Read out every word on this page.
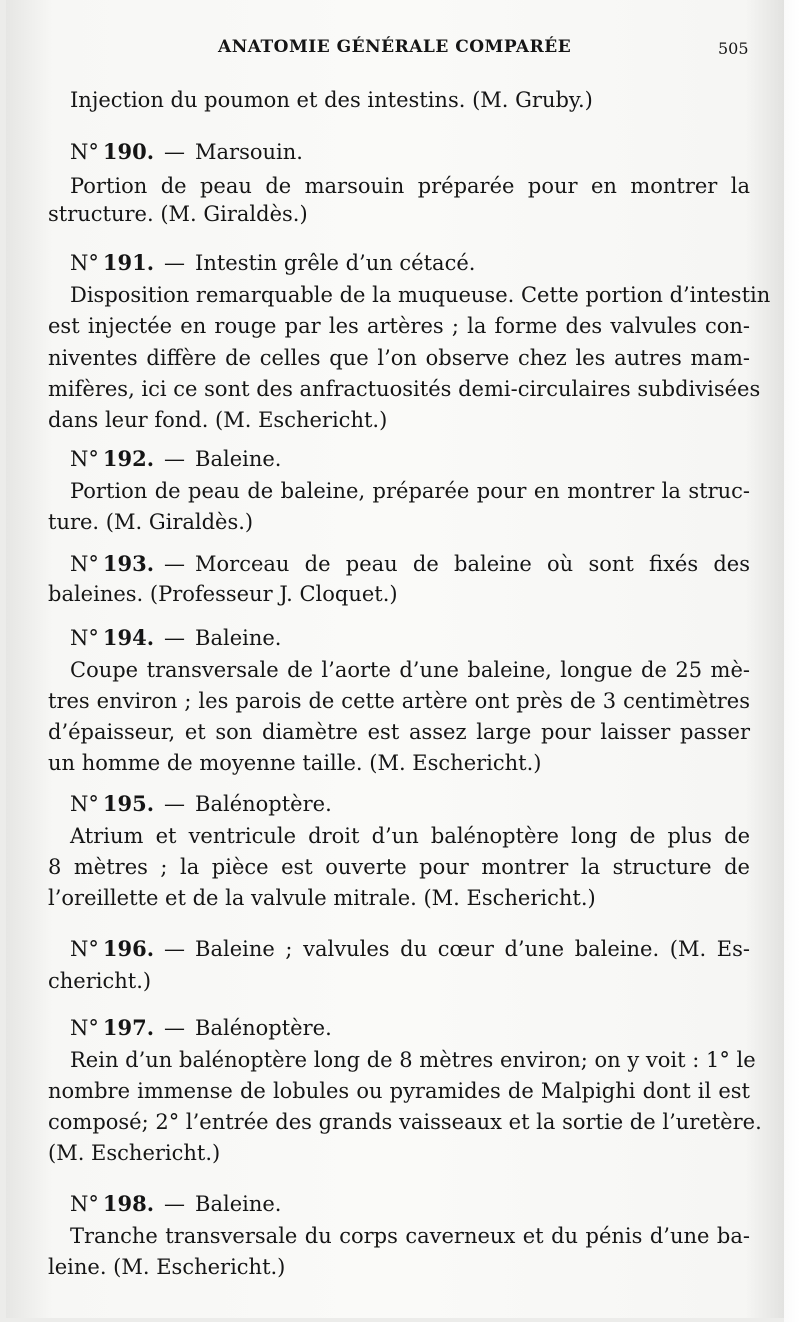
ANATOMIE GÉNÉRALE COMPARÉE	505
Injection du poumon et des intestins. (M. Gruby.)
N° 190. — Marsouin.
Portion de peau de marsouin préparée pour en montrer la
structure. (M. Giraldès.)
N° 191. — Intestin grêle d’un cétacé.
Disposition remarquable de la muqueuse. Cette portion d’intestin
est injectée en rouge par les artères ; la forme des valvules con-
niventes diffère de celles que l’on observe chez les autres mam-
mifères, ici ce sont des anfractuosités demi-circulaires subdivisées
dans leur fond. (M. Eschericht.)
N° 192. — Baleine.
Portion de peau de baleine, préparée pour en montrer la struc-
ture. (M. Giraldès.)
N° 193. — Morceau de peau de baleine où sont fixés des
baleines. (Professeur J. Cloquet.)
N° 194. — Baleine.
Coupe transversale de l’aorte d’une baleine, longue de 25 mè-
tres environ ; les parois de cette artère ont près de 3 centimètres
d’épaisseur, et son diamètre est assez large pour laisser passer
un homme de moyenne taille. (M. Eschericht.)
N° 195. — Balénoptère.
Atrium et ventricule droit d’un balénoptère long de plus de
8 mètres ; la pièce est ouverte pour montrer la structure de
l’oreillette et de la valvule mitrale. (M. Eschericht.)
N° 196. — Baleine ; valvules du cœur d’une baleine. (M. Es-
chericht.)
N° 197. — Balénoptère.
Rein d’un balénoptère long de 8 mètres environ; on y voit : 1° le
nombre immense de lobules ou pyramides de Malpighi dont il est
composé; 2° l’entrée des grands vaisseaux et la sortie de l’uretère.
(M. Eschericht.)
N° 198. — Baleine.
Tranche transversale du corps caverneux et du pénis d’une ba-
leine. (M. Eschericht.)
